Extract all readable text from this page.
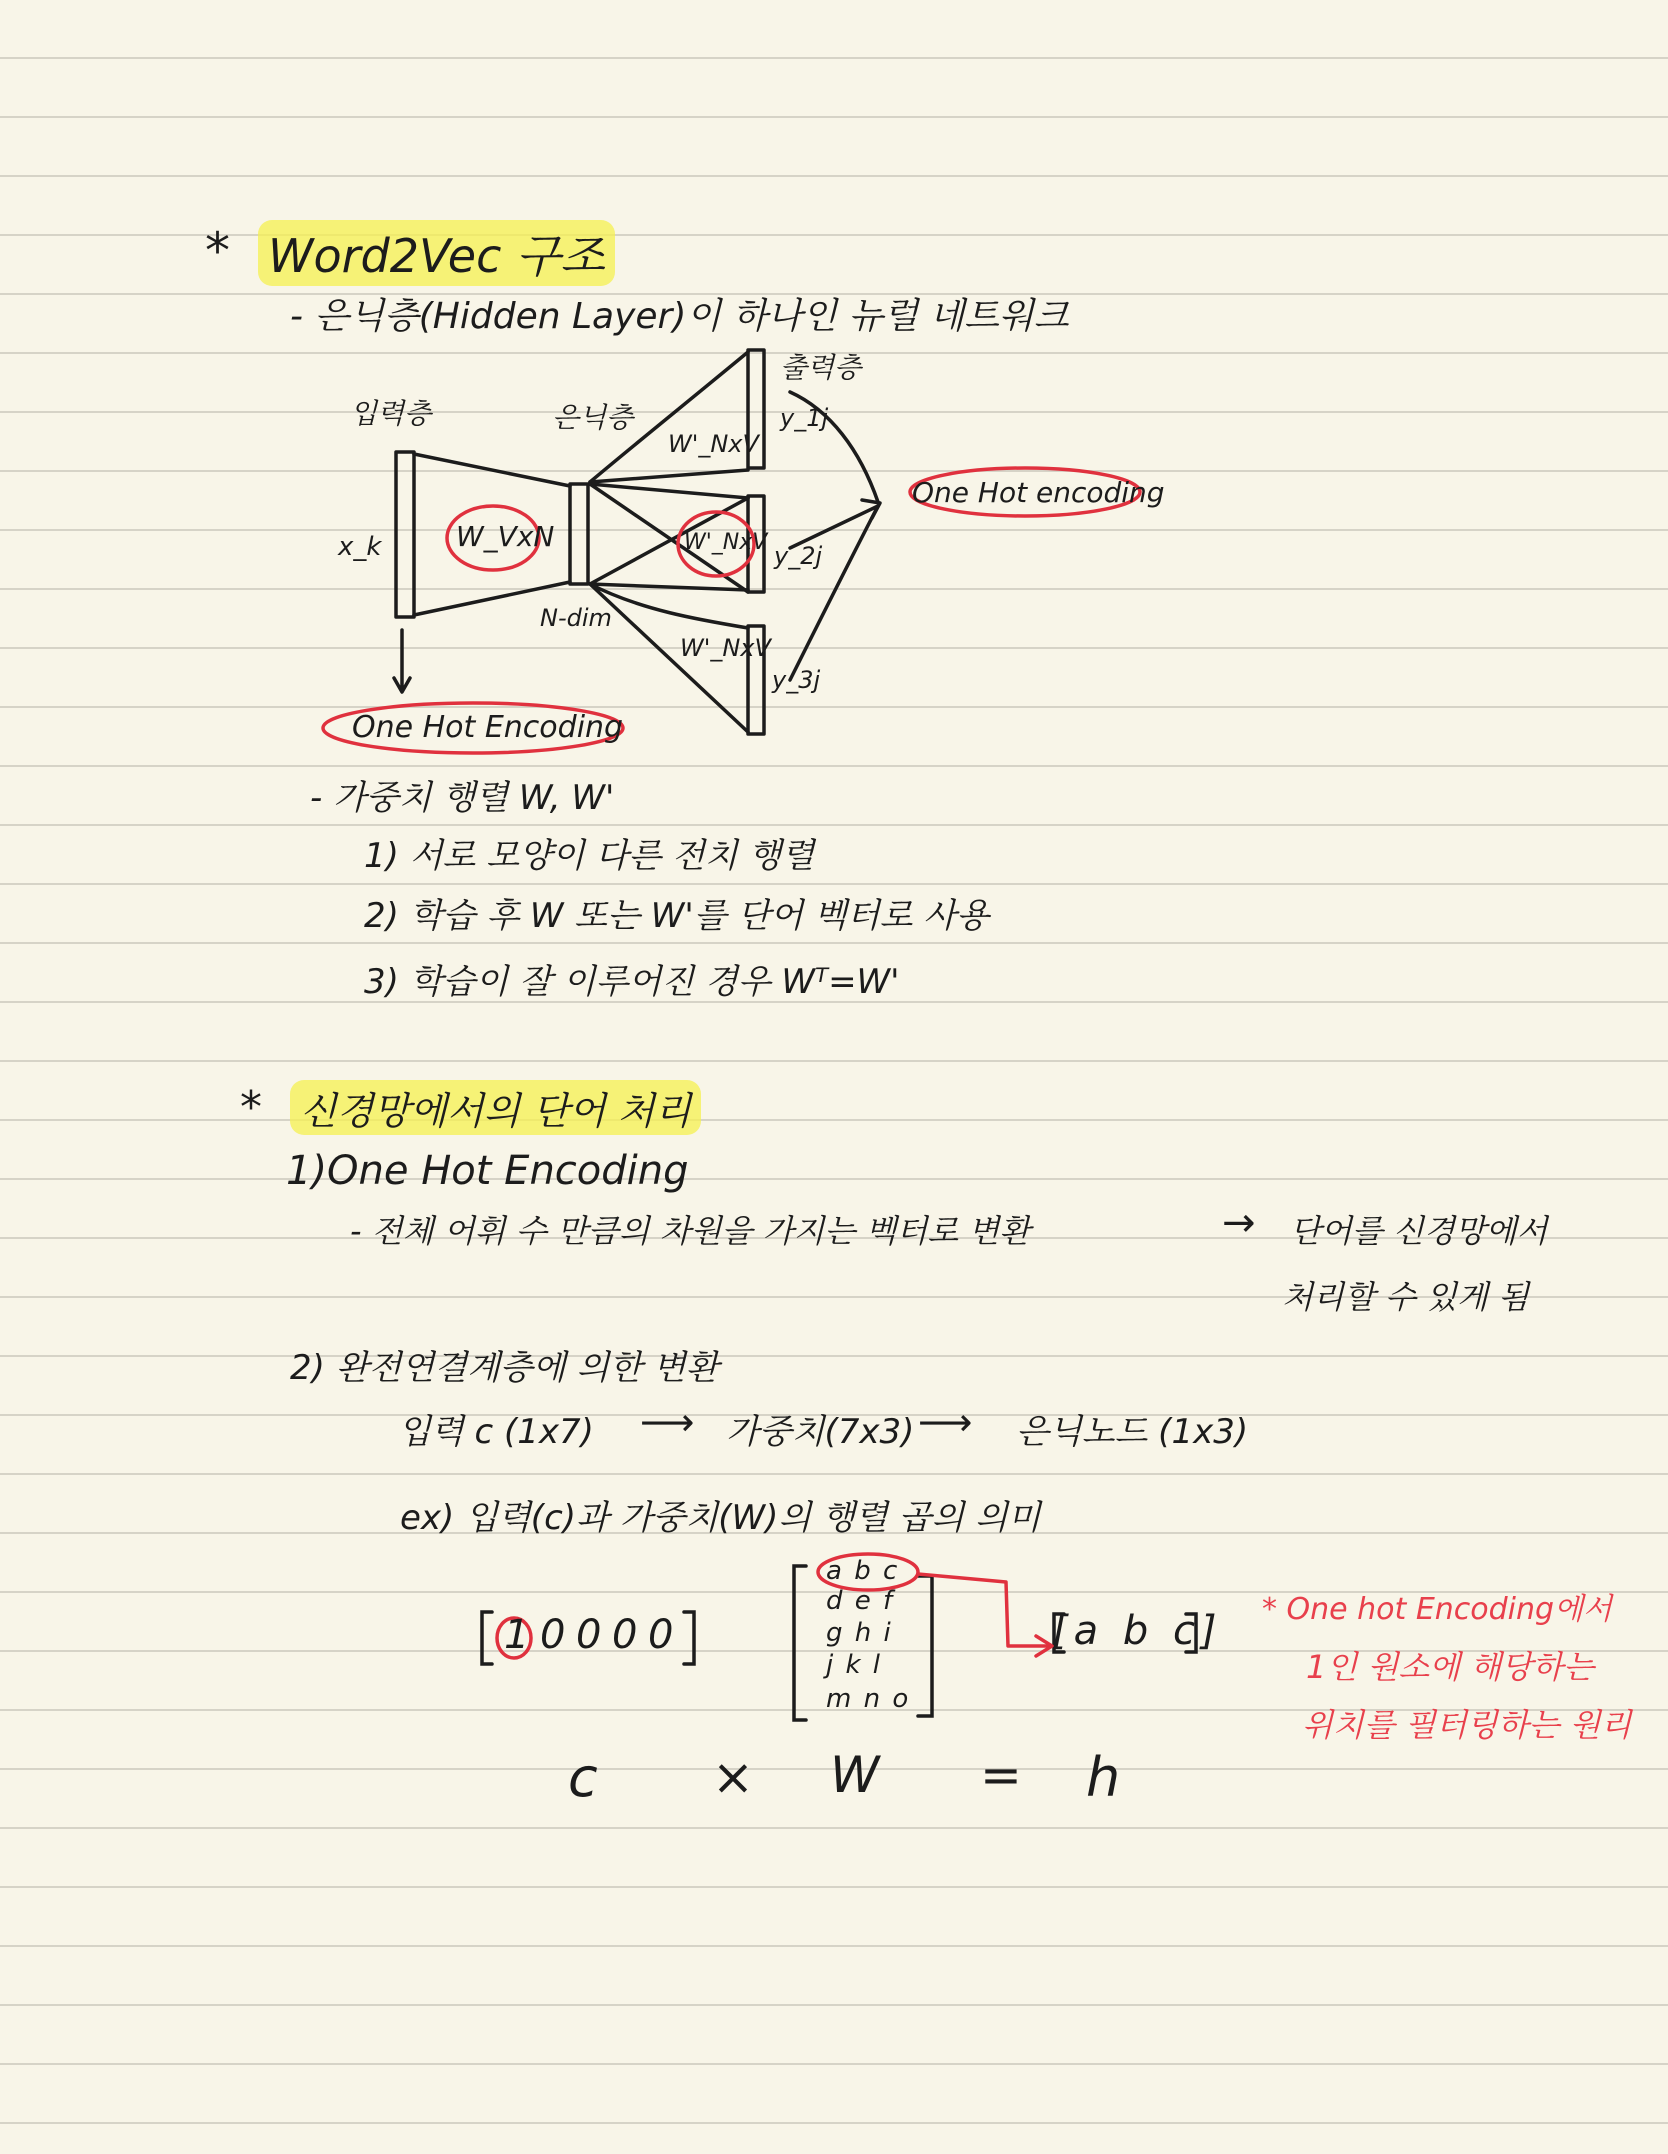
* Word2Vec 구조
- 은닉층(Hidden Layer)이 하나인 뉴럴 네트워크
입력층	은닉층
출력층
x_k	W_VxN
W'_NxV
W'_NxV
W'_NxV
N-dim
y_1j
y_2j
y_3j
One Hot encoding
One Hot Encoding
- 가중치 행렬 W, W'
1) 서로 모양이 다른 전치 행렬
2) 학습 후 W 또는 W'를 단어 벡터로 사용
3) 학습이 잘 이루어진 경우 Wᵀ=W'
* 신경망에서의 단어 처리
1)One Hot Encoding
- 전체 어휘 수 만큼의 차원을 가지는 벡터로 변환	→ 단어를 신경망에서
처리할 수 있게 됨
2) 완전연결계층에 의한 변환
입력 c (1x7) ⟶ 가중치(7x3) ⟶ 은닉노드 (1x3)
ex) 입력(c)과 가중치(W)의 행렬 곱의 의미
1 0 0 0 0
a b c
d e f
g h i
j k l
m n o
[a b c]
c × W = h
* One hot Encoding에서
1인 원소에 해당하는
위치를 필터링하는 원리
